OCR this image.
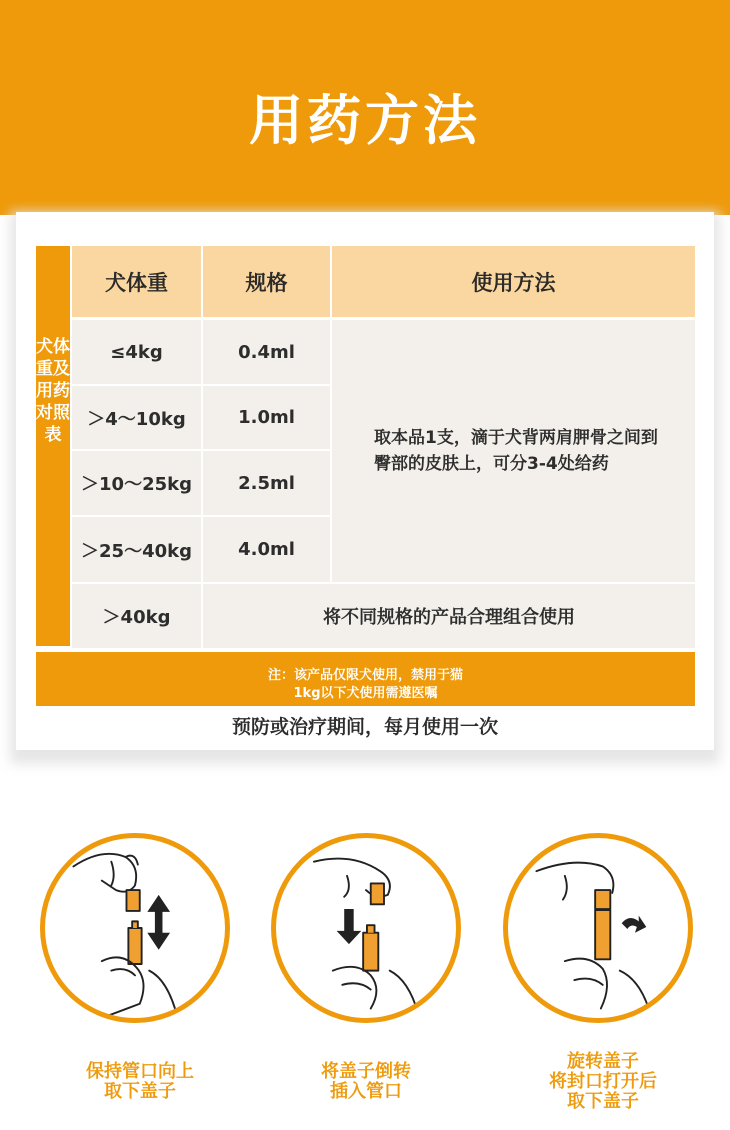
用药方法
犬体重及用药对照表
犬体重	规格	使用方法
≤4kg	0.4ml
＞4～10kg	1.0ml
＞10～25kg	2.5ml
＞25～40kg	4.0ml
取本品1支，滴于犬背两肩胛骨之间到臀部的皮肤上，可分3-4处给药
＞40kg	将不同规格的产品合理组合使用
注：该产品仅限犬使用，禁用于猫
1kg以下犬使用需遵医嘱
预防或治疗期间，每月使用一次
保持管口向上
取下盖子
将盖子倒转
插入管口
旋转盖子
将封口打开后
取下盖子
